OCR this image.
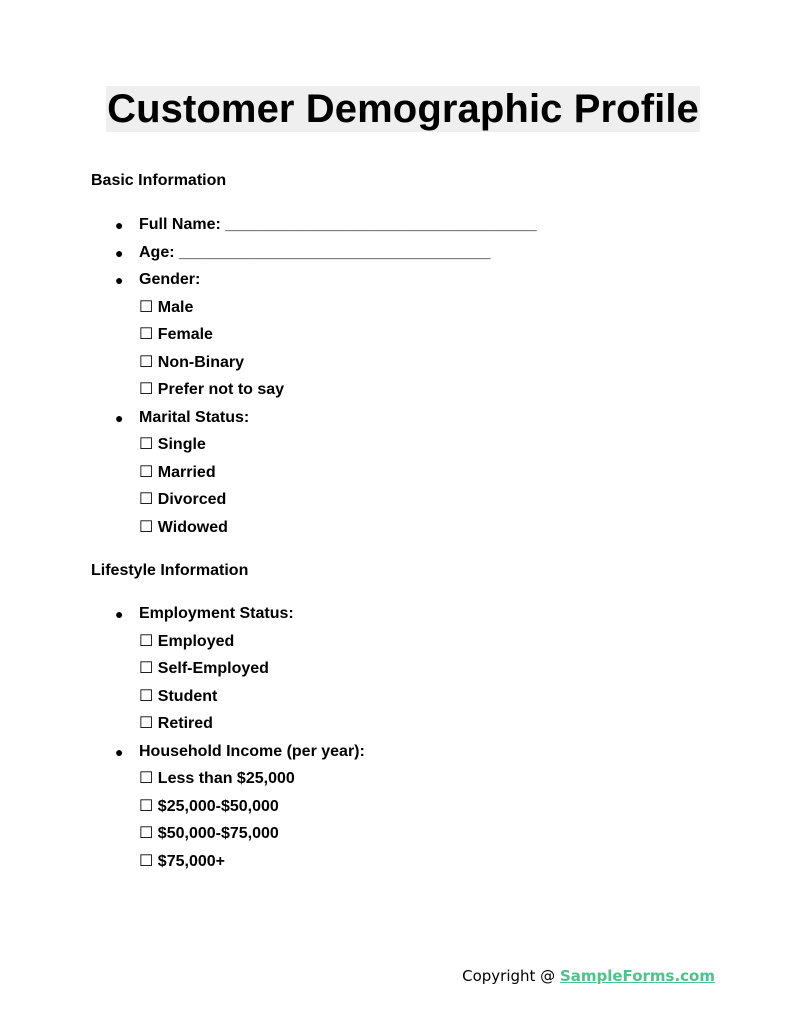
Customer Demographic Profile
Basic Information
● Full Name: ___________________________________
● Age: ___________________________________
● Gender:
☐ Male
☐ Female
☐ Non-Binary
☐ Prefer not to say
● Marital Status:
☐ Single
☐ Married
☐ Divorced
☐ Widowed
Lifestyle Information
● Employment Status:
☐ Employed
☐ Self-Employed
☐ Student
☐ Retired
● Household Income (per year):
☐ Less than $25,000
☐ $25,000-$50,000
☐ $50,000-$75,000
☐ $75,000+
Copyright @ SampleForms.com
